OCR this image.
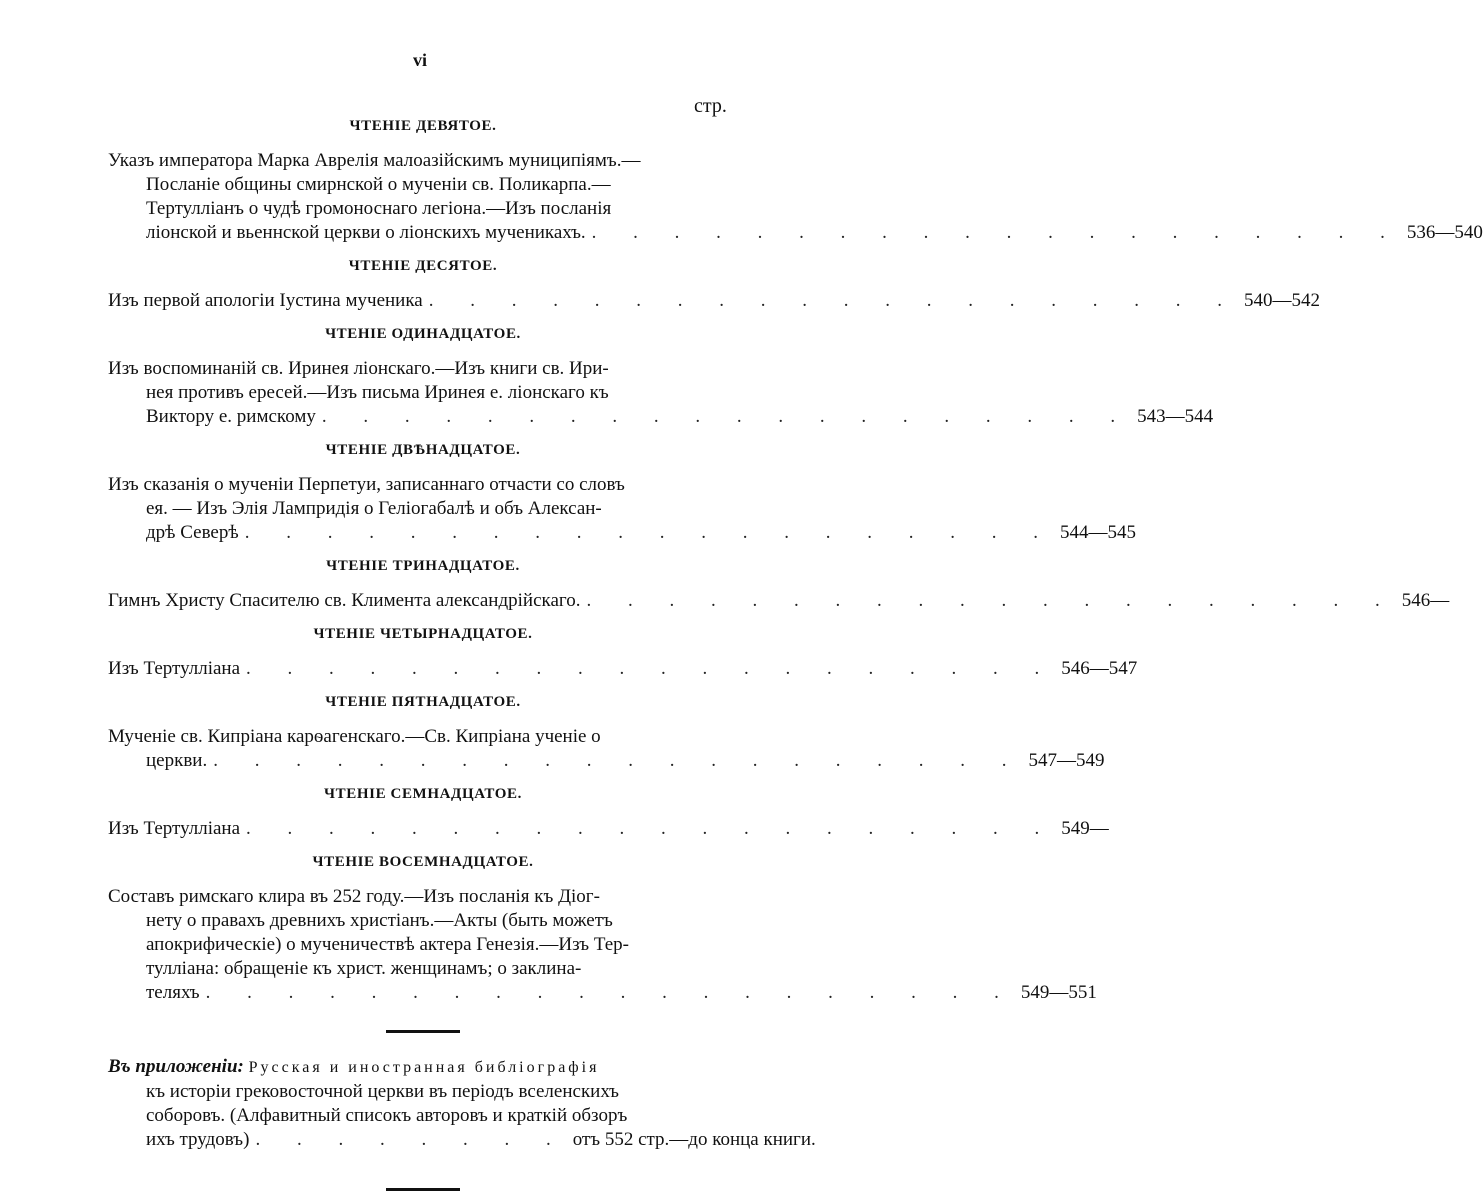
vi
стр.

ЧТЕНІЕ ДЕВЯТОЕ.

Указъ императора Марка Аврелія малоазійскимъ муниципіямъ.—
Посланіе общины смирнской о мученіи св. Поликарпа.—
Тертулліанъ о чудѣ громоноснаго легіона.—Изъ посланія
ліонской и вьеннской церкви о ліонскихъ мученикахъ. . . . . . . . . . . . . . . . . . . . . 536—540

ЧТЕНІЕ ДЕСЯТОЕ.

Изъ первой апологіи Іустина мученика . . . . . . . . . . . . . . . . . . . . 540—542

ЧТЕНІЕ ОДИНАДЦАТОЕ.

Изъ воспоминаній св. Иринея ліонскаго.—Изъ книги св. Ири-
нея противъ ересей.—Изъ письма Иринея е. ліонскаго къ
Виктору е. римскому . . . . . . . . . . . . . . . . . . . . 543—544

ЧТЕНІЕ ДВѢНАДЦАТОЕ.

Изъ сказанія о мученіи Перпетуи, записаннаго отчасти со словъ
ея. — Изъ Элія Лампридія о Геліогабалѣ и объ Алексан-
дрѣ Северѣ . . . . . . . . . . . . . . . . . . . . 544—545

ЧТЕНІЕ ТРИНАДЦАТОЕ.

Гимнъ Христу Спасителю св. Климента александрійскаго. . . . . . . . . . . . . . . . . . . . . 546—

ЧТЕНІЕ ЧЕТЫРНАДЦАТОЕ.

Изъ Тертулліана . . . . . . . . . . . . . . . . . . . . 546—547

ЧТЕНІЕ ПЯТНАДЦАТОЕ.

Мученіе св. Кипріана карѳагенскаго.—Св. Кипріана ученіе о
церкви. . . . . . . . . . . . . . . . . . . . . 547—549

ЧТЕНІЕ СЕМНАДЦАТОЕ.

Изъ Тертулліана . . . . . . . . . . . . . . . . . . . . 549—

ЧТЕНІЕ ВОСЕМНАДЦАТОЕ.

Составъ римскаго клира въ 252 году.—Изъ посланія къ Діог-
нету о правахъ древнихъ христіанъ.—Акты (быть можетъ
апокрифическіе) о мученичествѣ актера Генезія.—Изъ Тер-
тулліана: обращеніе къ христ. женщинамъ; о заклина-
теляхъ . . . . . . . . . . . . . . . . . . . . 549—551
Въ приложеніи: Русская и иностранная библіографія
къ исторіи грековосточной церкви въ періодъ вселенскихъ
соборовъ. (Алфавитный списокъ авторовъ и краткій обзоръ
ихъ трудовъ) . . . . . . . . отъ 552 стр.—до конца книги.
